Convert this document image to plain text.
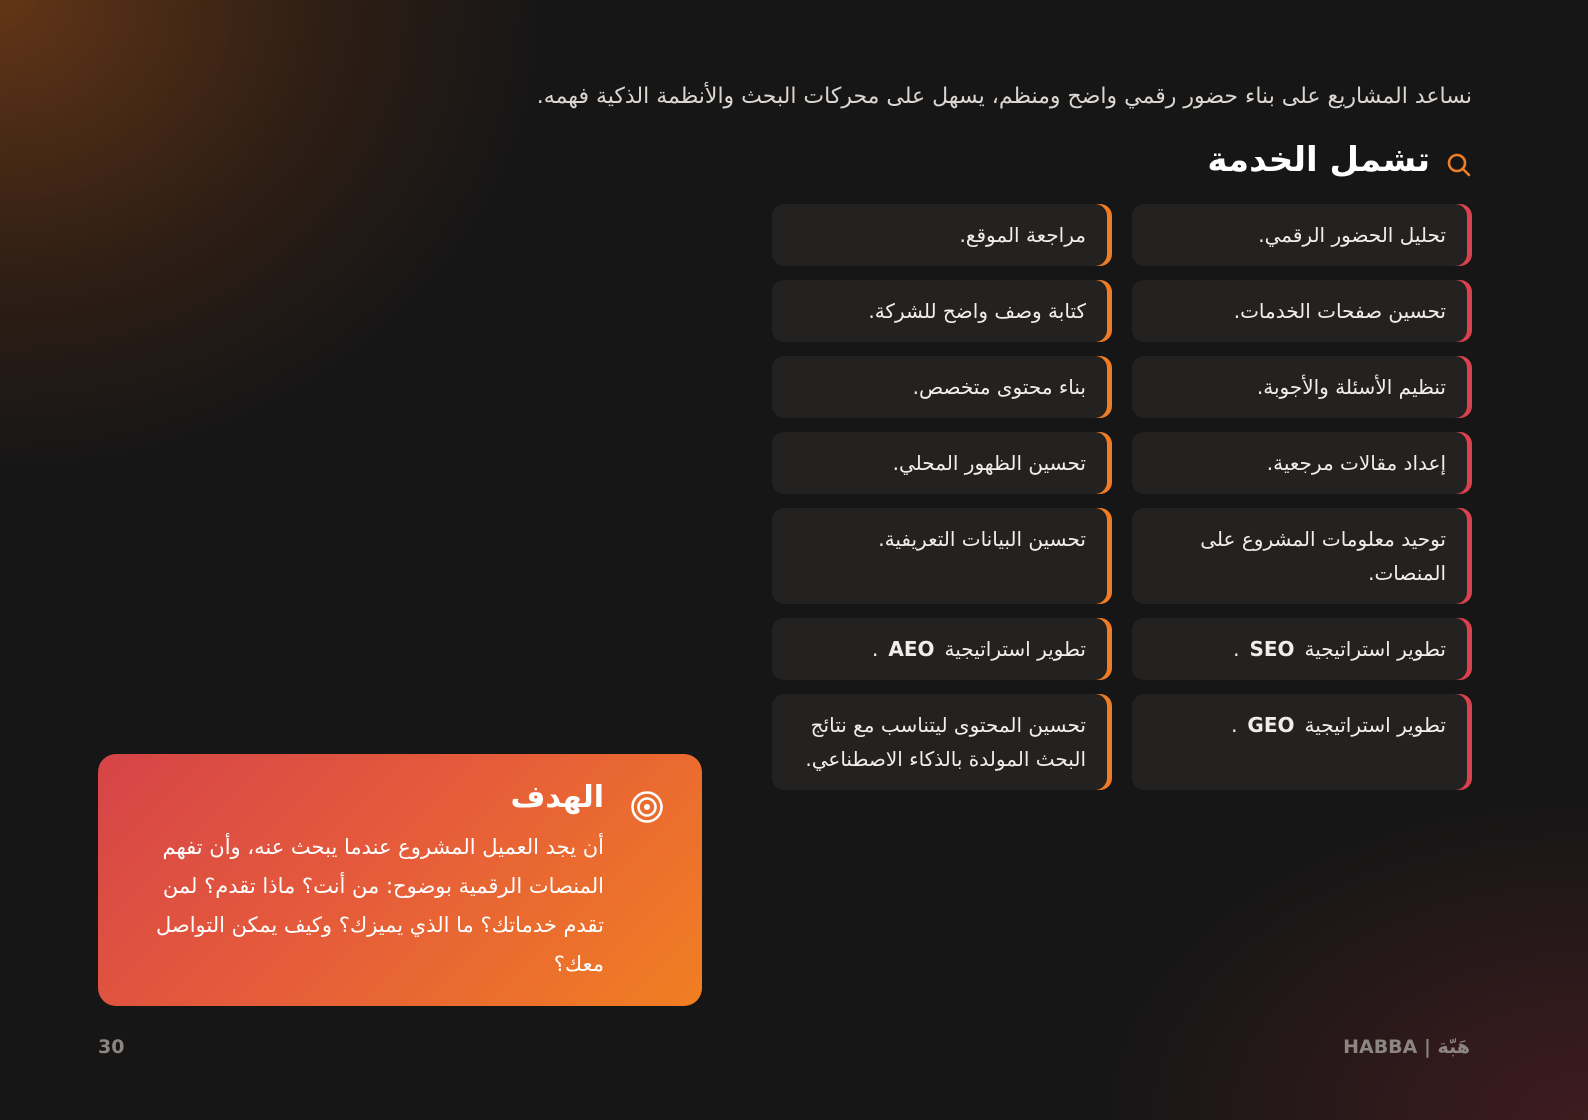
نساعد المشاريع على بناء حضور رقمي واضح ومنظم، يسهل على محركات البحث والأنظمة الذكية فهمه.
تشمل الخدمة
تحليل الحضور الرقمي.
مراجعة الموقع.
تحسين صفحات الخدمات.
كتابة وصف واضح للشركة.
تنظيم الأسئلة والأجوبة.
بناء محتوى متخصص.
إعداد مقالات مرجعية.
تحسين الظهور المحلي.
توحيد معلومات المشروع على المنصات.
تحسين البيانات التعريفية.
تطوير استراتيجيةSEO.
تطوير استراتيجيةAEO.
تطوير استراتيجيةGEO.
تحسين المحتوى ليتناسب مع نتائج البحث المولدة بالذكاء الاصطناعي.
الهدف
أن يجد العميل المشروع عندما يبحث عنه، وأن تفهم المنصات الرقمية بوضوح: من أنت؟ ماذا تقدم؟ لمن تقدم خدماتك؟ ما الذي يميزك؟ وكيف يمكن التواصل معك؟
30	HABBA | هَبّة
